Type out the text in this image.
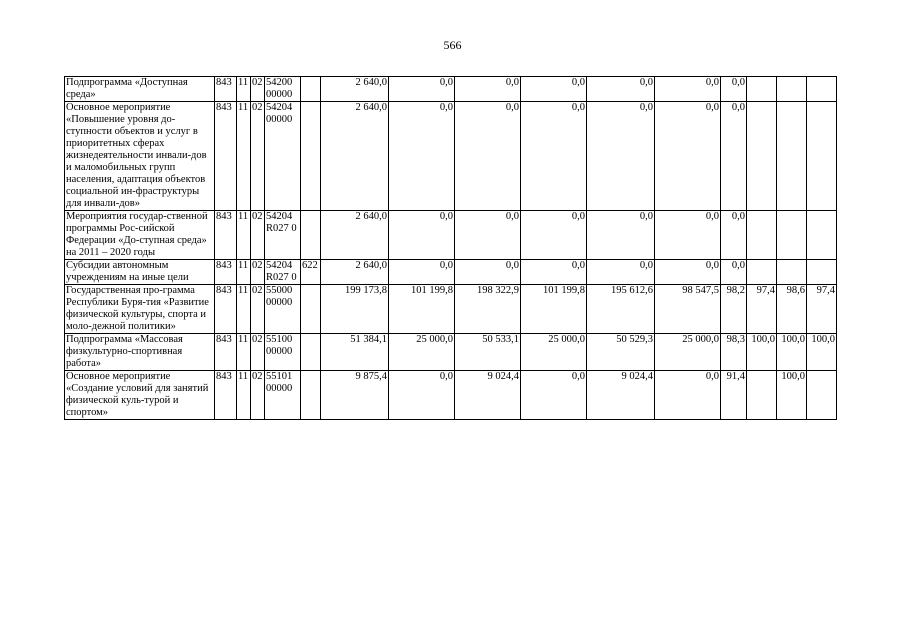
566
Подпрограмма «Доступная среда»	843	11	02	54200 00000		2 640,0	0,0	0,0	0,0	0,0	0,0	0,0			
Основное мероприятие «Повышение уровня до-ступности объектов и услуг в приоритетных сферах жизнедеятельности инвали-дов и маломобильных групп населения, адаптация объектов социальной ин-фраструктуры для инвали-дов»	843	11	02	54204 00000		2 640,0	0,0	0,0	0,0	0,0	0,0	0,0			
Мероприятия государ-ственной программы Рос-сийской Федерации «До-ступная среда» на 2011 – 2020 годы	843	11	02	54204 R027 0		2 640,0	0,0	0,0	0,0	0,0	0,0	0,0			
Субсидии автономным учреждениям на иные цели	843	11	02	54204 R027 0	622	2 640,0	0,0	0,0	0,0	0,0	0,0	0,0			
Государственная про-грамма Республики Буря-тия «Развитие физической культуры, спорта и моло-дежной политики»	843	11	02	55000 00000		199 173,8	101 199,8	198 322,9	101 199,8	195 612,6	98 547,5	98,2	97,4	98,6	97,4
Подпрограмма «Массовая физкультурно-спортивная работа»	843	11	02	55100 00000		51 384,1	25 000,0	50 533,1	25 000,0	50 529,3	25 000,0	98,3	100,0	100,0	100,0
Основное мероприятие «Создание условий для занятий физической куль-турой и спортом»	843	11	02	55101 00000		9 875,4	0,0	9 024,4	0,0	9 024,4	0,0	91,4		100,0	
